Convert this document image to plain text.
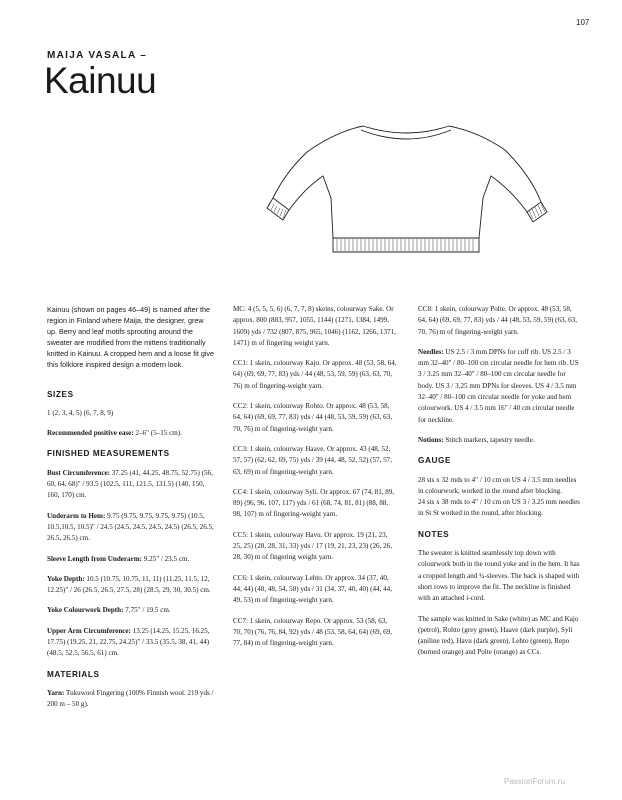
107
MAIJA VASALA –
Kainuu

Kainuu (shown on pages 46–49) is named after the region in Finland where Maija, the designer, grew up. Berry and leaf motifs sprouting around the sweater are modified from the mittens traditionally knitted in Kainuu. A cropped hem and a loose fit give this folklore inspired design a modern look.

SIZES

1 (2, 3, 4, 5) (6, 7, 8, 9)

Recommended positive ease: 2–6" (5–15 cm).

FINISHED MEASUREMENTS

Bust Circumference: 37.25 (41, 44.25, 48.75, 52.75) (56, 60, 64, 68)" / 93.5 (102.5, 111, 121.5, 131.5) (140, 150, 160, 170) cm.

Underarm to Hem: 9.75 (9.75, 9.75, 9.75, 9.75) (10.5, 10.5,10.5, 10.5)" / 24.5 (24.5, 24.5, 24.5, 24.5) (26.5, 26.5, 26.5, 26.5) cm.

Sleeve Length from Underarm: 9.25" / 23.5 cm.

Yoke Depth: 10.5 (10.75, 10.75, 11, 11) (11.25, 11.5, 12, 12.25)" / 26 (26.5, 26.5, 27.5, 28) (28.5, 29, 30, 30.5) cm.

Yoke Colourwork Depth: 7.75" / 19.5 cm.

Upper Arm Circumference: 13.25 (14.25, 15.25, 16.25, 17.75) (19.25, 21, 22.75, 24.25)" / 33.5 (35.5, 38, 41, 44) (48.5, 52.5, 56.5, 61) cm.

MATERIALS

Yarn: Tukuwool Fingering (100% Finnish wool. 219 yds / 200 m – 50 g).

MC: 4 (5, 5, 5, 6) (6, 7, 7, 8) skeins, colourway Sake. Or approx. 800 (883, 957, 1055, 1144) (1271, 1384, 1499, 1609) yds / 732 (807, 875, 965, 1046) (1162, 1266, 1371, 1471) m of fingering weight yarn.

CC1: 1 skein, colourway Kajo. Or approx. 48 (53, 58, 64, 64) (69, 69, 77, 83) yds / 44 (48, 53, 59, 59) (63, 63, 70, 76) m of fingering-weight yarn.

CC2: 1 skein, colourway Rohto. Or approx. 48 (53, 58, 64, 64) (69, 69, 77, 83) yds / 44 (48, 53, 59, 59) (63, 63, 70, 76) m of fingering-weight yarn.

CC3: 1 skein, colourway Haave. Or approx. 43 (48, 52, 57, 57) (62, 62, 69, 75) yds / 39 (44, 48, 52, 52) (57, 57, 63, 69) m of fingering-weight yarn.

CC4: 1 skein, colourway Syli. Or approx. 67 (74, 81, 89, 89) (96, 96, 107, 117) yds / 61 (68, 74, 81, 81) (88, 88, 98, 107) m of fingering-weight yarn.

CC5: 1 skein, colourway Havu. Or approx. 19 (21, 23, 25, 25) (28, 28, 31, 33) yds / 17 (19, 21, 23, 23) (26, 26, 28, 30) m of fingering weight yarn.

CC6: 1 skein, colourway Lehto. Or approx. 34 (37, 40, 44, 44) (48, 48, 54, 58) yds / 31 (34, 37, 40, 40) (44, 44, 49, 53) m of fingering-weight yarn.

CC7: 1 skein, colourway Repo. Or approx. 53 (58, 63, 70, 70) (76, 76, 84, 92) yds / 48 (53, 58, 64, 64) (69, 69, 77, 84) m of fingering-weight yarn.

CC8: 1 skein, colourway Polte. Or approx. 48 (53, 58, 64, 64) (69, 69, 77, 83) yds / 44 (48, 53, 59, 59) (63, 63, 70, 76) m of fingering-weight yarn.

Needles: US 2.5 / 3 mm DPNs for cuff rib. US 2.5 / 3 mm 32–40" / 80–100 cm circular needle for hem rib. US 3 / 3.25 mm 32–40" / 80–100 cm circular needle for body. US 3 / 3.25 mm DPNs for sleeves. US 4 / 3.5 mm 32–40" / 80–100 cm circular needle for yoke and hem colourwork. US 4 / 3.5 mm 16" / 40 cm circular needle for neckline.

Notions: Stitch markers, tapestry needle.

GAUGE

28 sts x 32 rnds to 4" / 10 cm on US 4 / 3.5 mm needles in colourwork, worked in the round after blocking.

24 sts x 38 rnds to 4" / 10 cm on US 3 / 3.25 mm needles in St St worked in the round, after blocking.

NOTES

The sweater is knitted seamlessly top down with colourwork both in the round yoke and in the hem. It has a cropped length and ¾-sleeves. The back is shaped with short rows to improve the fit. The neckline is finished with an attached i-cord.

The sample was knitted in Sake (white) as MC and Kajo (petrol), Rohto (grey green), Haave (dark purple), Syli (aniline red), Havu (dark green), Lehto (green), Repo (burned orange) and Polte (orange) as CCs.

PassionForum.ru
